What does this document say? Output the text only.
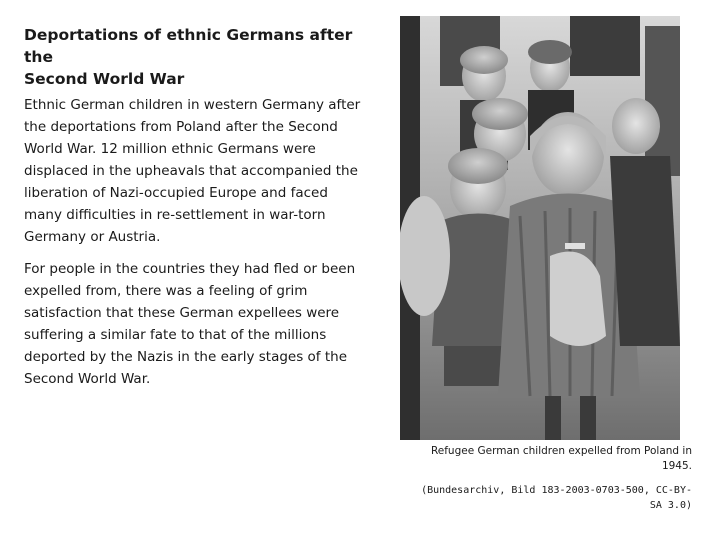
Deportations of ethnic Germans after the
Second World War

Ethnic German children in western Germany after the deportations from Poland after the Second World War. 12 million ethnic Germans were displaced in the upheavals that accompanied the liberation of Nazi-occupied Europe and faced many difficulties in re-settlement in war-torn Germany or Austria.

For people in the countries they had fled or been expelled from, there was a feeling of grim satisfaction that these German expellees were suffering a similar fate to that of the millions deported by the Nazis in the early stages of the Second World War.

Refugee German children expelled from Poland in 1945.

(Bundesarchiv, Bild 183-2003-0703-500, CC-BY-SA 3.0)
